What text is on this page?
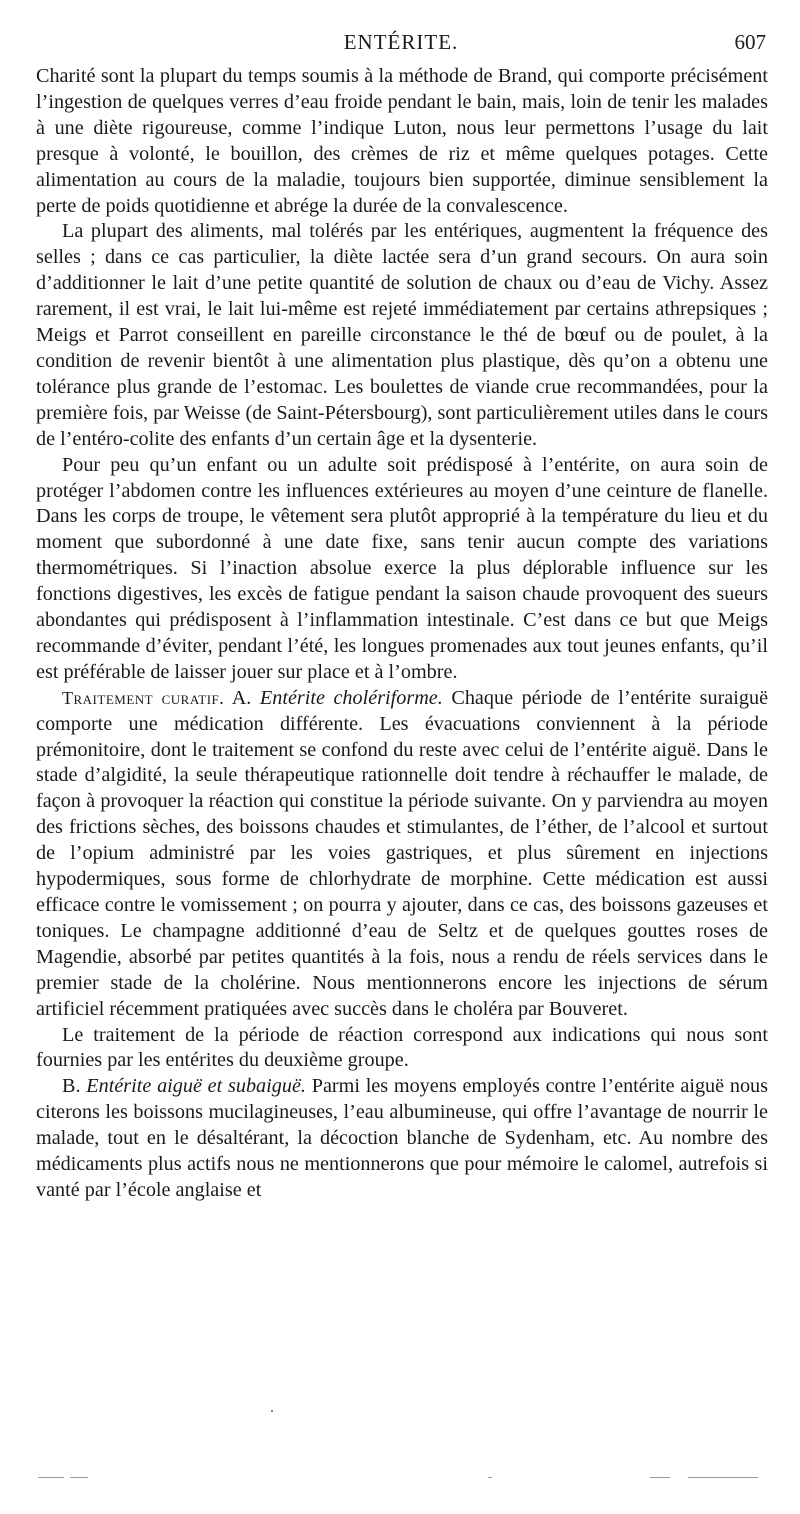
ENTÉRITE.	607

Charité sont la plupart du temps soumis à la méthode de Brand, qui comporte précisément l’ingestion de quelques verres d’eau froide pendant le bain, mais, loin de tenir les malades à une diète rigoureuse, comme l’indique Luton, nous leur permettons l’usage du lait presque à volonté, le bouillon, des crèmes de riz et même quelques potages. Cette alimentation au cours de la maladie, toujours bien supportée, diminue sensiblement la perte de poids quotidienne et abrége la durée de la convalescence.

La plupart des aliments, mal tolérés par les entériques, augmentent la fréquence des selles ; dans ce cas particulier, la diète lactée sera d’un grand secours. On aura soin d’additionner le lait d’une petite quantité de solution de chaux ou d’eau de Vichy. Assez rarement, il est vrai, le lait lui-même est rejeté immédiatement par certains athrepsiques ; Meigs et Parrot conseillent en pareille circonstance le thé de bœuf ou de poulet, à la condition de revenir bientôt à une alimentation plus plastique, dès qu’on a obtenu une tolérance plus grande de l’estomac. Les boulettes de viande crue recommandées, pour la première fois, par Weisse (de Saint-Pétersbourg), sont particulièrement utiles dans le cours de l’entéro-colite des enfants d’un certain âge et la dysenterie.

Pour peu qu’un enfant ou un adulte soit prédisposé à l’entérite, on aura soin de protéger l’abdomen contre les influences extérieures au moyen d’une ceinture de flanelle. Dans les corps de troupe, le vêtement sera plutôt approprié à la température du lieu et du moment que subordonné à une date fixe, sans tenir aucun compte des variations thermométriques. Si l’inaction absolue exerce la plus déplorable influence sur les fonctions digestives, les excès de fatigue pendant la saison chaude provoquent des sueurs abondantes qui prédisposent à l’inflammation intestinale. C’est dans ce but que Meigs recommande d’éviter, pendant l’été, les longues promenades aux tout jeunes enfants, qu’il est préférable de laisser jouer sur place et à l’ombre.

Traitement curatif. A. Entérite cholériforme. Chaque période de l’entérite suraiguë comporte une médication différente. Les évacuations conviennent à la période prémonitoire, dont le traitement se confond du reste avec celui de l’entérite aiguë. Dans le stade d’algidité, la seule thérapeutique rationnelle doit tendre à réchauffer le malade, de façon à provoquer la réaction qui constitue la période suivante. On y parviendra au moyen des frictions sèches, des boissons chaudes et stimulantes, de l’éther, de l’alcool et surtout de l’opium administré par les voies gastriques, et plus sûrement en injections hypodermiques, sous forme de chlorhydrate de morphine. Cette médication est aussi efficace contre le vomissement ; on pourra y ajouter, dans ce cas, des boissons gazeuses et toniques. Le champagne additionné d’eau de Seltz et de quelques gouttes roses de Magendie, absorbé par petites quantités à la fois, nous a rendu de réels services dans le premier stade de la cholérine. Nous mentionnerons encore les injections de sérum artificiel récemment pratiquées avec succès dans le choléra par Bouveret.

Le traitement de la période de réaction correspond aux indications qui nous sont fournies par les entérites du deuxième groupe.

B. Entérite aiguë et subaiguë. Parmi les moyens employés contre l’entérite aiguë nous citerons les boissons mucilagineuses, l’eau albumineuse, qui offre l’avantage de nourrir le malade, tout en le désaltérant, la décoction blanche de Sydenham, etc. Au nombre des médicaments plus actifs nous ne mentionnerons que pour mémoire le calomel, autrefois si vanté par l’école anglaise et
